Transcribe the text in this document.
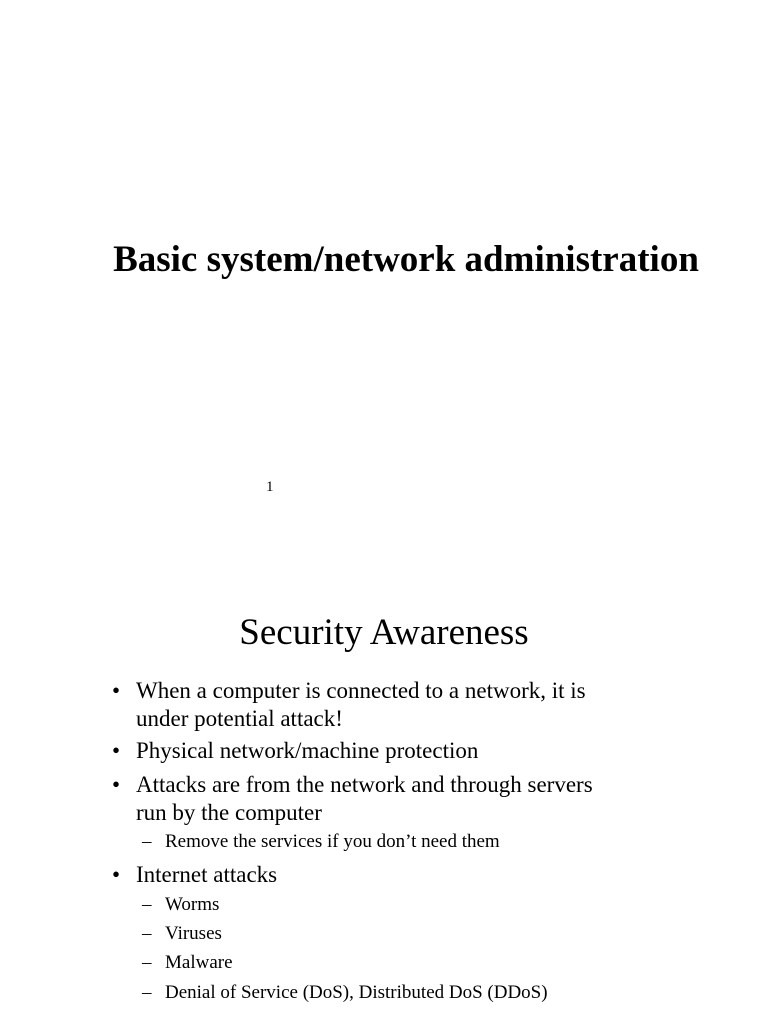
Basic system/network administration
1
Security Awareness
• When a computer is connected to a network, it is
under potential attack!
• Physical network/machine protection
• Attacks are from the network and through servers
run by the computer
– Remove the services if you don’t need them
• Internet attacks
– Worms
– Viruses
– Malware
– Denial of Service (DoS), Distributed DoS (DDoS)
